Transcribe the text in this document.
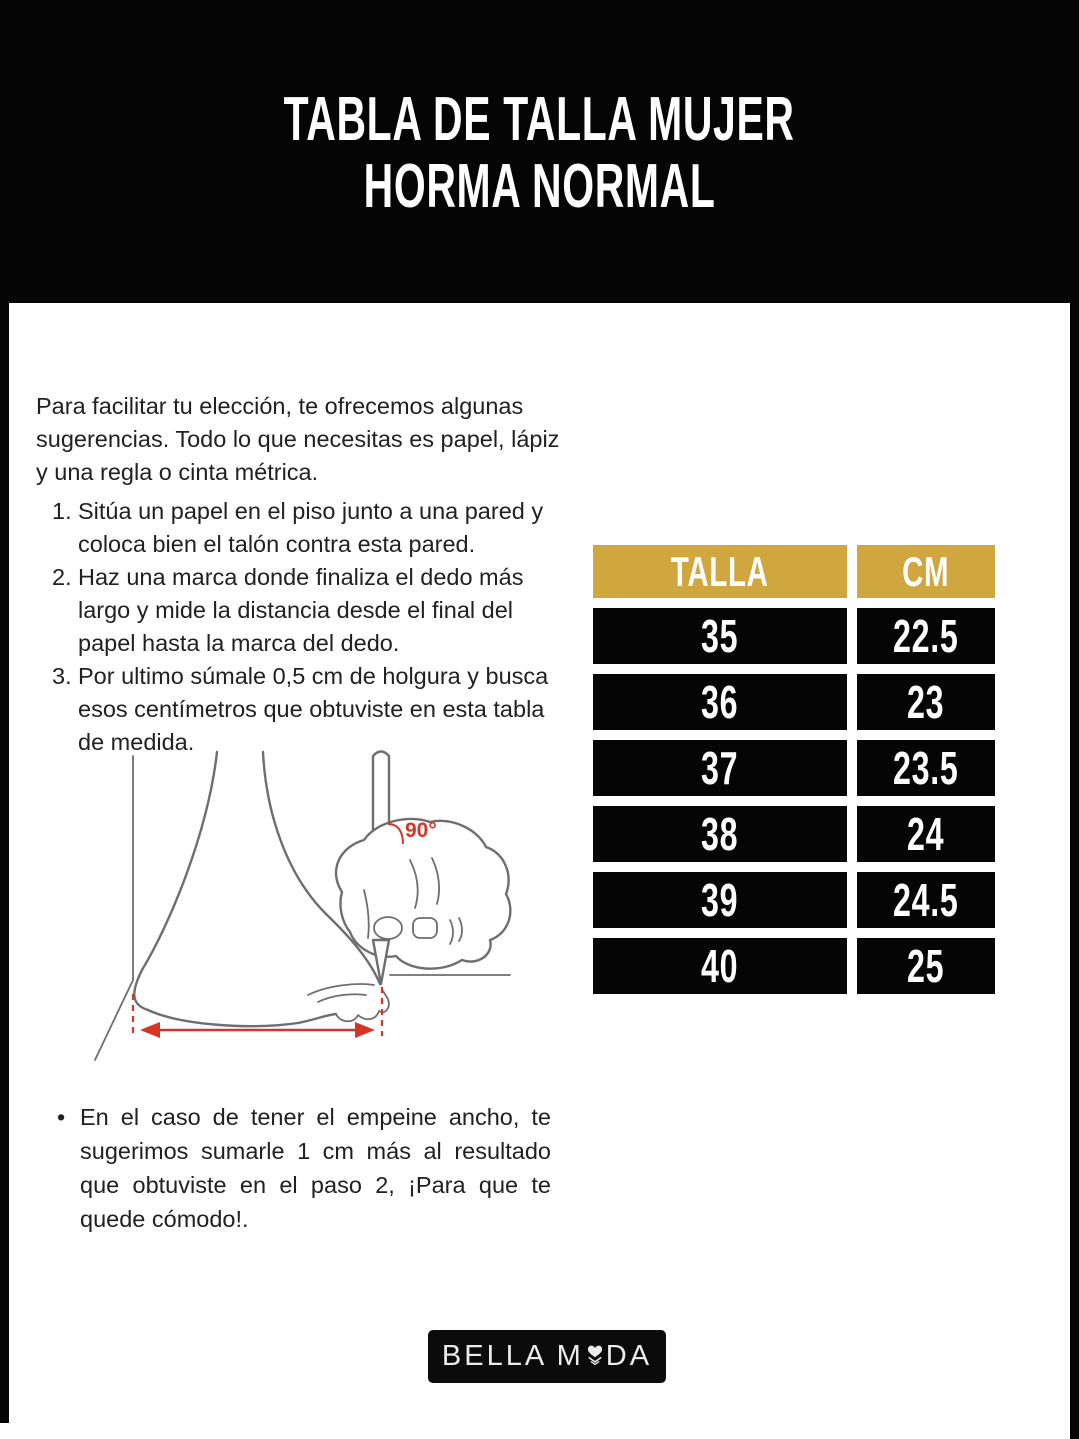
TABLA DE TALLA MUJER
HORMA NORMAL
Para facilitar tu elección, te ofrecemos algunas sugerencias. Todo lo que necesitas es papel, lápiz y una regla o cinta métrica.
1. Sitúa un papel en el piso junto a una pared y coloca bien el talón contra esta pared.
2. Haz una marca donde finaliza el dedo más largo y mide la distancia desde el final del papel hasta la marca del dedo.
3. Por ultimo súmale 0,5 cm de holgura y busca esos centímetros que obtuviste en esta tabla de medida.
TALLA	CM
35	22.5
36	23
37	23.5
38	24
39	24.5
40	25
90°
• En el caso de tener el empeine ancho, te sugerimos sumarle 1 cm más al resultado que obtuviste en el paso 2, ¡Para que te quede cómodo!.
BELLA M DA
